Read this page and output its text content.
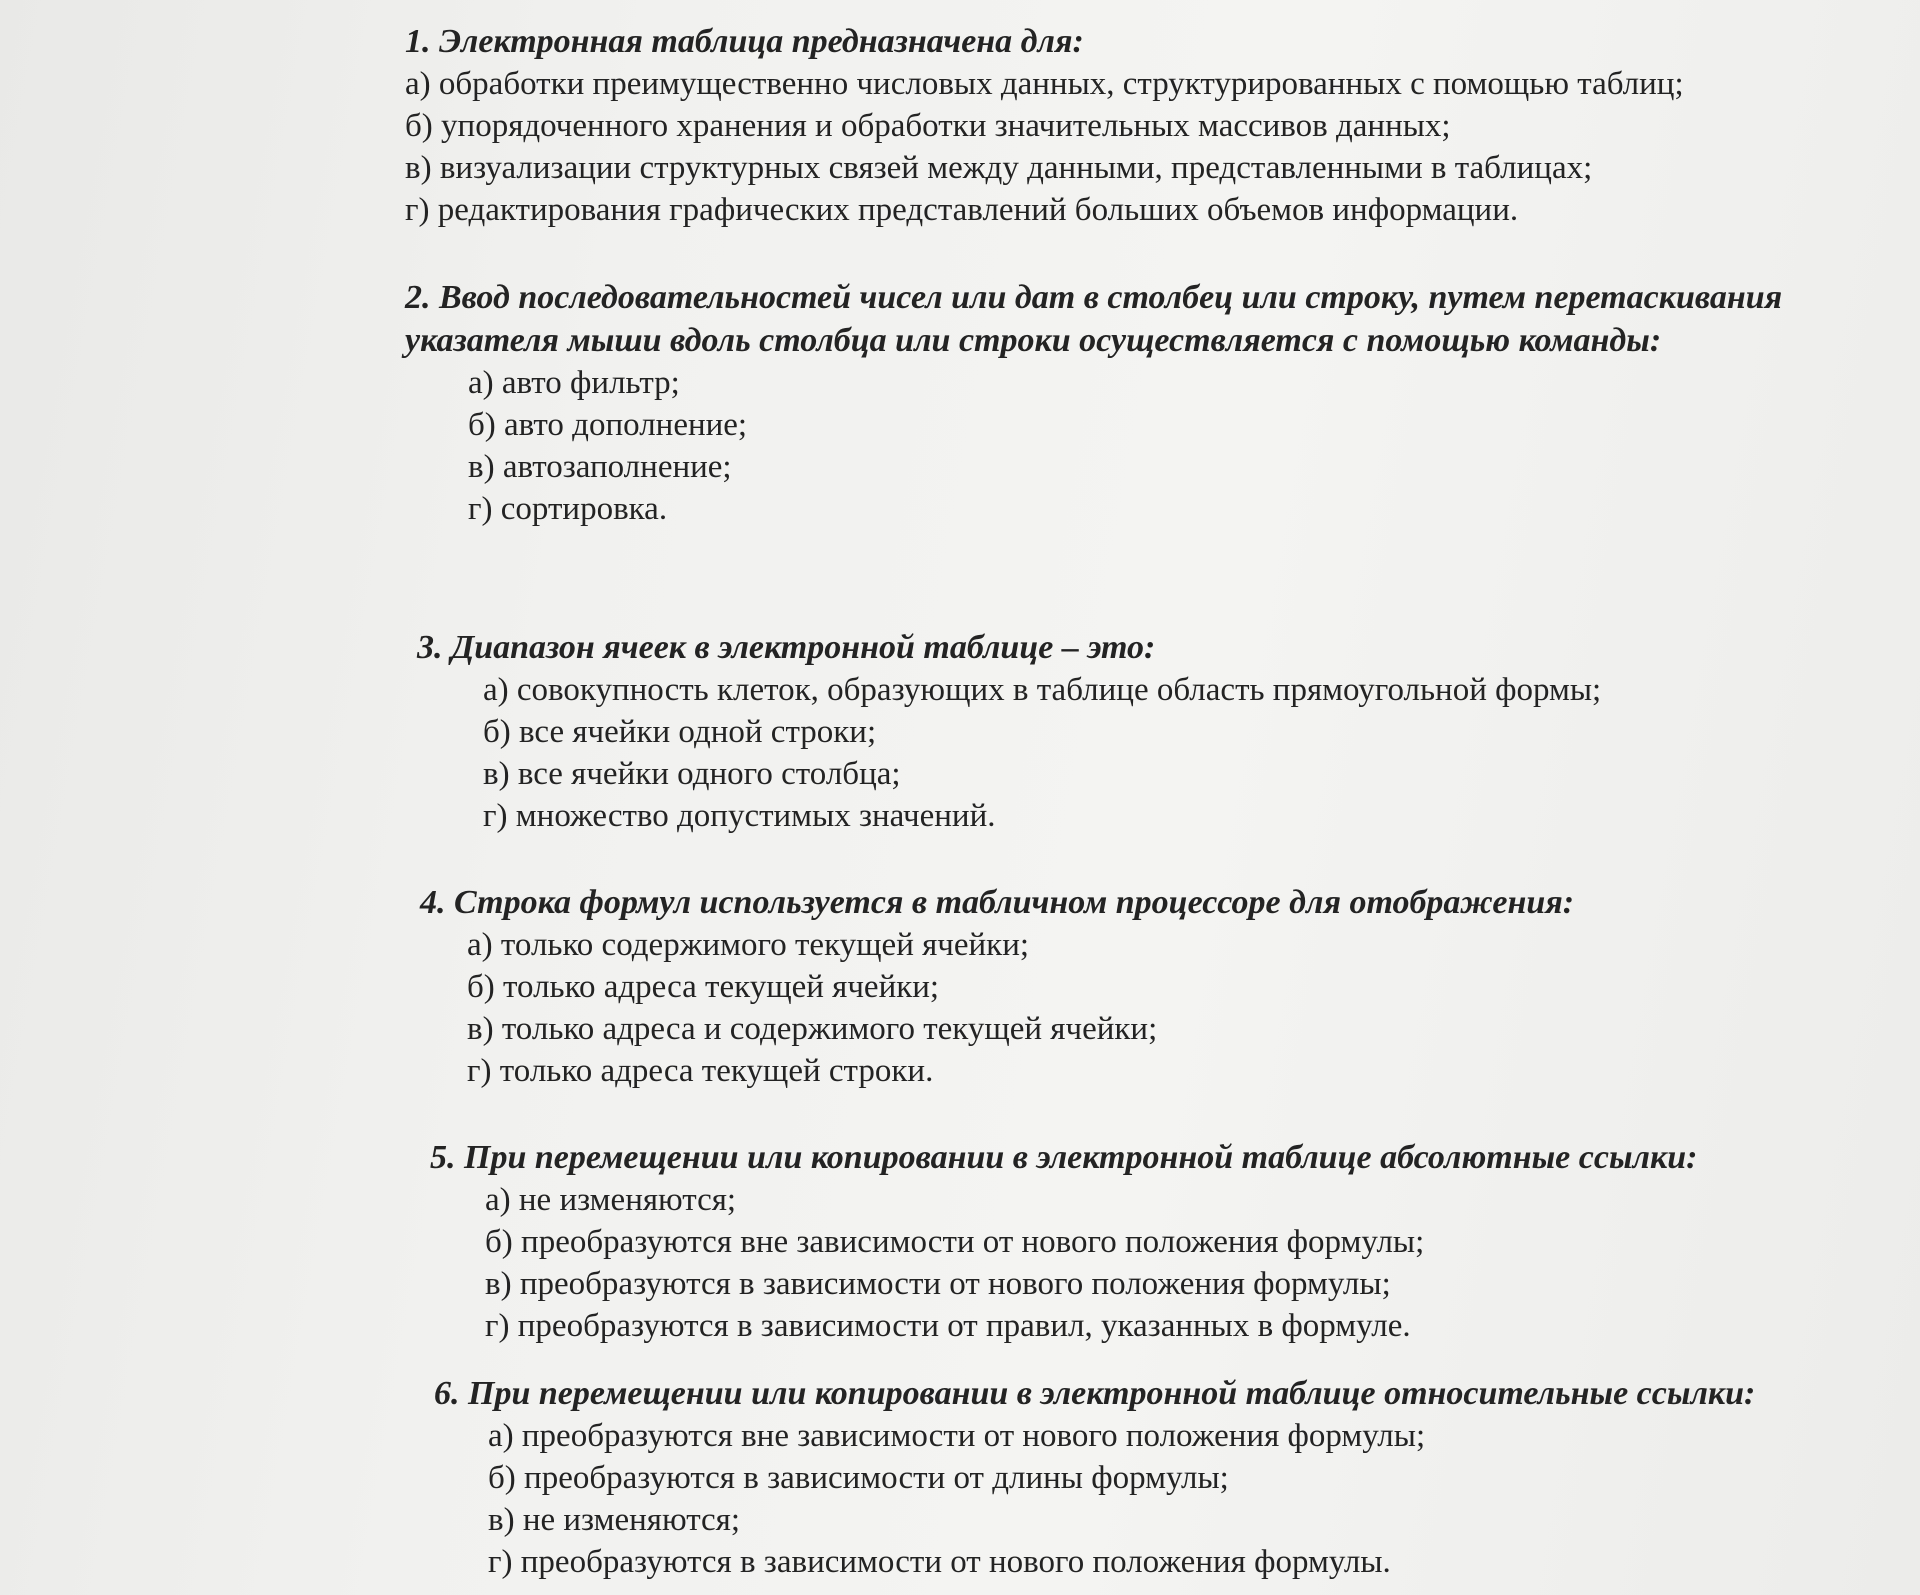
1. Электронная таблица предназначена для:

а) обработки преимущественно числовых данных, структурированных с помощью таблиц;
б) упорядоченного хранения и обработки значительных массивов данных;
в) визуализации структурных связей между данными, представленными в таблицах;
г) редактирования графических представлений больших объемов информации.

2. Ввод последовательностей чисел или дат в столбец или строку, путем перетаскивания указателя мыши вдоль столбца или строки осуществляется с помощью команды:

а) авто фильтр;
б) авто дополнение;
в) автозаполнение;
г) сортировка.

3. Диапазон ячеек в электронной таблице – это:

а) совокупность клеток, образующих в таблице область прямоугольной формы;
б) все ячейки одной строки;
в) все ячейки одного столбца;
г) множество допустимых значений.

4. Строка формул используется в табличном процессоре для отображения:

а) только содержимого текущей ячейки;
б) только адреса текущей ячейки;
в) только адреса и содержимого текущей ячейки;
г) только адреса текущей строки.

5. При перемещении или копировании в электронной таблице абсолютные ссылки:

а) не изменяются;
б) преобразуются вне зависимости от нового положения формулы;
в) преобразуются в зависимости от нового положения формулы;
г) преобразуются в зависимости от правил, указанных в формуле.

6. При перемещении или копировании в электронной таблице относительные ссылки:

а) преобразуются вне зависимости от нового положения формулы;
б) преобразуются в зависимости от длины формулы;
в) не изменяются;
г) преобразуются в зависимости от нового положения формулы.
